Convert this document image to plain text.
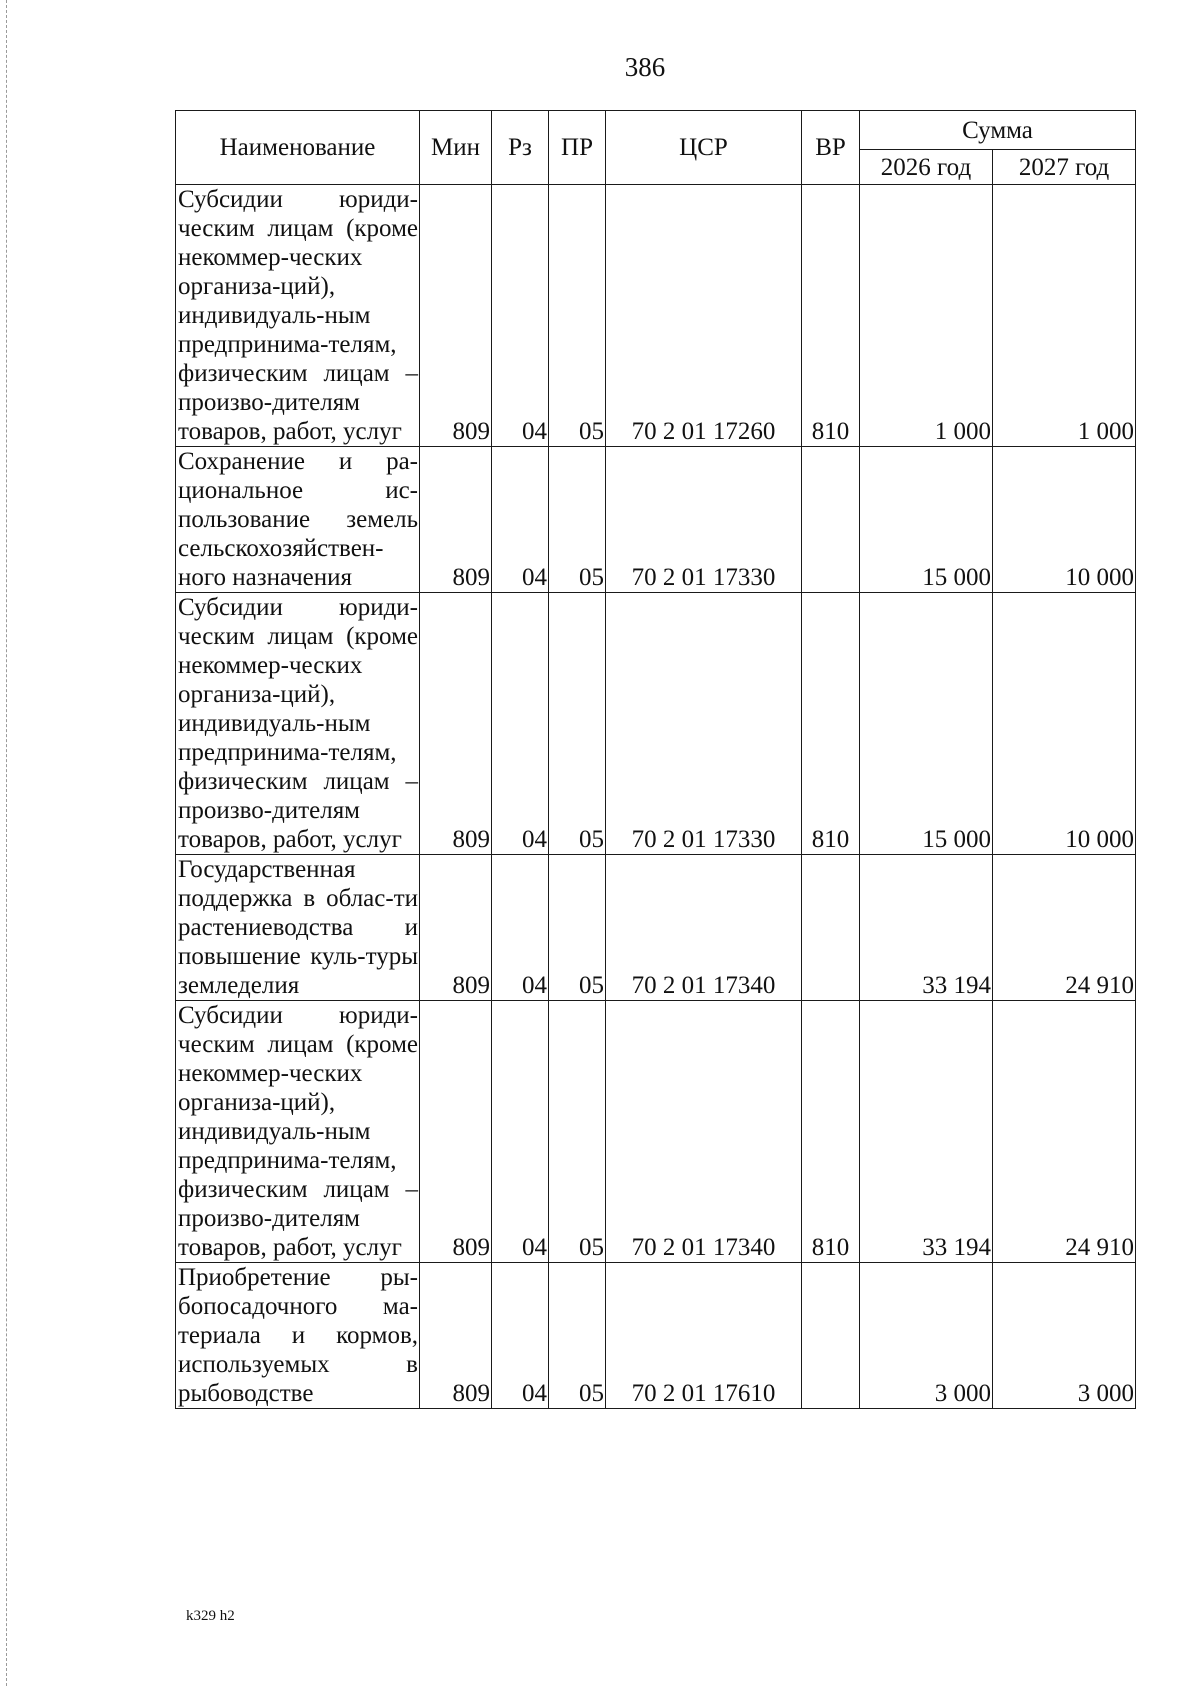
386
Наименование	Мин	Рз	ПР	ЦСР	ВР	Сумма	
						2026 год	2027 год
Субсидии юриди-ческим лицам (кроме некоммер-ческих организа-ций), индивидуаль-ным предпринима-телям, физическим лицам – произво-дителям товаров, работ, услуг	809	04	05	70 2 01 17260	810	1 000	1 000
Сохранение и ра-циональное ис-пользование земель сельскохозяйствен-ного назначения	809	04	05	70 2 01 17330		15 000	10 000
Субсидии юриди-ческим лицам (кроме некоммер-ческих организа-ций), индивидуаль-ным предпринима-телям, физическим лицам – произво-дителям товаров, работ, услуг	809	04	05	70 2 01 17330	810	15 000	10 000
Государственная поддержка в облас-ти растениеводства и повышение куль-туры земледелия	809	04	05	70 2 01 17340		33 194	24 910
Субсидии юриди-ческим лицам (кроме некоммер-ческих организа-ций), индивидуаль-ным предпринима-телям, физическим лицам – произво-дителям товаров, работ, услуг	809	04	05	70 2 01 17340	810	33 194	24 910
Приобретение ры-бопосадочного ма-териала и кормов, используемых в рыбоводстве	809	04	05	70 2 01 17610		3 000	3 000
k329 h2
